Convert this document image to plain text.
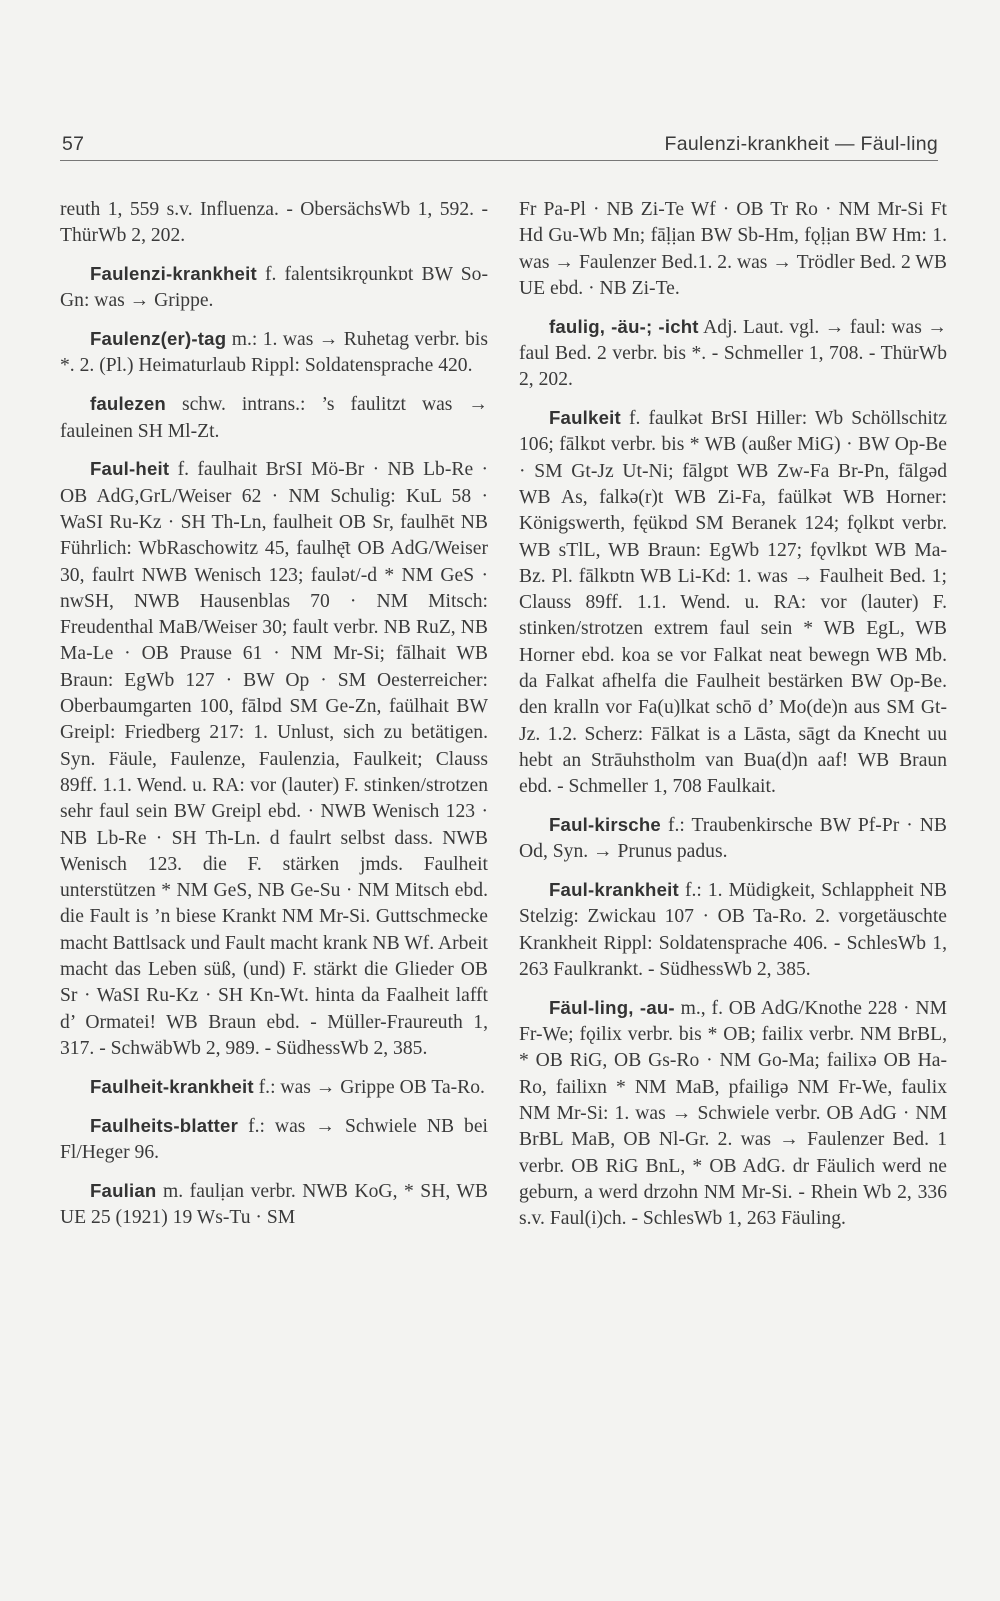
57	Faulenzi-krankheit — Fäul-ling

reuth 1, 559 s.v. Influenza. - ObersächsWb 1, 592. - ThürWb 2, 202.

Faulenzi-krankheit f. falentsikrǫunkɒt BW So-Gn: was → Grippe.

Faulenz(er)-tag m.: 1. was → Ruhetag verbr. bis *. 2. (Pl.) Heimaturlaub Rippl: Soldatensprache 420.

faulezen schw. intrans.: ’s faulitzt was → fauleinen SH Ml-Zt.

Faul-heit f. faulhait BrSI Mö-Br · NB Lb-Re · OB AdG,GrL/Weiser 62 · NM Schulig: KuL 58 · WaSI Ru-Kz · SH Th-Ln, faulheit OB Sr, faulhēt NB Führlich: WbRaschowitz 45, faulhę̄t OB AdG/Weiser 30, faulrt NWB Wenisch 123; faulət/-d * NM GeS · nwSH, NWB Hausenblas 70 · NM Mitsch: Freudenthal MaB/Weiser 30; fault verbr. NB RuZ, NB Ma-Le · OB Prause 61 · NM Mr-Si; fālhait WB Braun: EgWb 127 · BW Op · SM Oesterreicher: Oberbaumgarten 100, fālɒd SM Ge-Zn, faülhait BW Greipl: Friedberg 217: 1. Unlust, sich zu betätigen. Syn. Fäule, Faulenze, Faulenzia, Faulkeit; Clauss 89ff. 1.1. Wend. u. RA: vor (lauter) F. stinken/strotzen sehr faul sein BW Greipl ebd. · NWB Wenisch 123 · NB Lb-Re · SH Th-Ln. d faulrt selbst dass. NWB Wenisch 123. die F. stärken jmds. Faulheit unterstützen * NM GeS, NB Ge-Su · NM Mitsch ebd. die Fault is ’n biese Krankt NM Mr-Si. Guttschmecke macht Battlsack und Fault macht krank NB Wf. Arbeit macht das Leben süß, (und) F. stärkt die Glieder OB Sr · WaSI Ru-Kz · SH Kn-Wt. hinta da Faalheit lafft d’ Ormatei! WB Braun ebd. - Müller-Fraureuth 1, 317. - SchwäbWb 2, 989. - SüdhessWb 2, 385.

Faulheit-krankheit f.: was → Grippe OB Ta-Ro.

Faulheits-blatter f.: was → Schwiele NB bei Fl/Heger 96.

Faulian m. faulịan verbr. NWB KoG, * SH, WB UE 25 (1921) 19 Ws-Tu · SM

Fr Pa-Pl · NB Zi-Te Wf · OB Tr Ro · NM Mr-Si Ft Hd Gu-Wb Mn; fāḷịan BW Sb-Hm, fǫḷịan BW Hm: 1. was → Faulenzer Bed.1. 2. was → Trödler Bed. 2 WB UE ebd. · NB Zi-Te.

faulig, -äu-; -icht Adj. Laut. vgl. → faul: was → faul Bed. 2 verbr. bis *. - Schmeller 1, 708. - ThürWb 2, 202.

Faulkeit f. faulkət BrSI Hiller: Wb Schöllschitz 106; fālkɒt verbr. bis * WB (außer MiG) · BW Op-Be · SM Gt-Jz Ut-Ni; fālgɒt WB Zw-Fa Br-Pn, fālgəd WB As, falkə(r)t WB Zi-Fa, faülkət WB Horner: Königswerth, fęükɒd SM Beranek 124; fǫlkɒt verbr. WB sTlL, WB Braun: EgWb 127; fǫvlkɒt WB Ma-Bz. Pl. fālkɒtn WB Li-Kd: 1. was → Faulheit Bed. 1; Clauss 89ff. 1.1. Wend. u. RA: vor (lauter) F. stinken/strotzen extrem faul sein * WB EgL, WB Horner ebd. koa se vor Falkat neat bewegn WB Mb. da Falkat afhelfa die Faulheit bestärken BW Op-Be. den kralln vor Fa(u)lkat schō d’ Mo(de)n aus SM Gt-Jz. 1.2. Scherz: Fālkat is a Lāsta, sāgt da Knecht uu hebt an Strāuhstholm van Bua(d)n aaf! WB Braun ebd. - Schmeller 1, 708 Faulkait.

Faul-kirsche f.: Traubenkirsche BW Pf-Pr · NB Od, Syn. → Prunus padus.

Faul-krankheit f.: 1. Müdigkeit, Schlappheit NB Stelzig: Zwickau 107 · OB Ta-Ro. 2. vorgetäuschte Krankheit Rippl: Soldatensprache 406. - SchlesWb 1, 263 Faulkrankt. - SüdhessWb 2, 385.

Fäul-ling, -au- m., f. OB AdG/Knothe 228 · NM Fr-We; fǫilix verbr. bis * OB; failix verbr. NM BrBL, * OB RiG, OB Gs-Ro · NM Go-Ma; failixə OB Ha-Ro, failixn * NM MaB, pfailigə NM Fr-We, faulix NM Mr-Si: 1. was → Schwiele verbr. OB AdG · NM BrBL MaB, OB Nl-Gr. 2. was → Faulenzer Bed. 1 verbr. OB RiG BnL, * OB AdG. dr Fäulich werd ne geburn, a werd drzohn NM Mr-Si. - Rhein Wb 2, 336 s.v. Faul(i)ch. - SchlesWb 1, 263 Fäuling.
